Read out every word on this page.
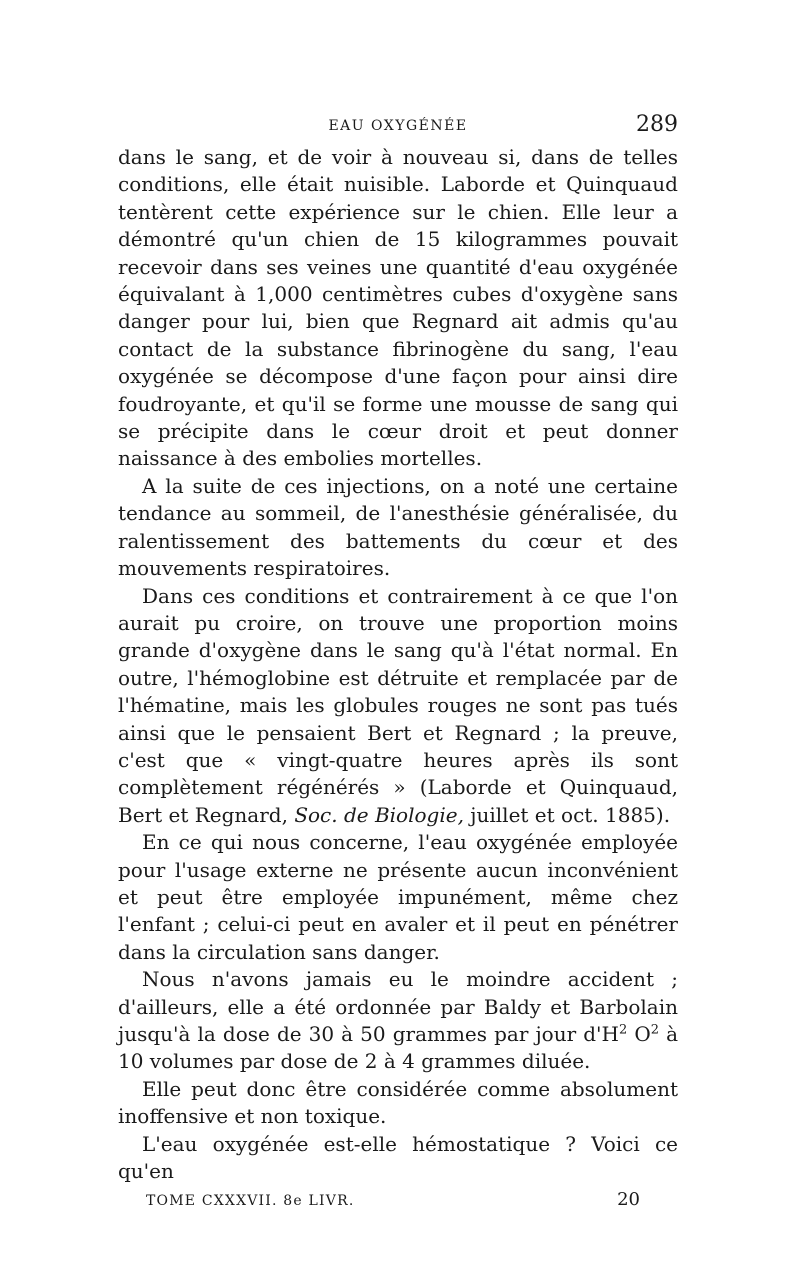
EAU OXYGÉNÉE	289

dans le sang, et de voir à nouveau si, dans de telles conditions, elle était nuisible. Laborde et Quinquaud tentèrent cette expérience sur le chien. Elle leur a démontré qu'un chien de 15 kilogrammes pouvait recevoir dans ses veines une quantité d'eau oxygénée équivalant à 1,000 centimètres cubes d'oxygène sans danger pour lui, bien que Regnard ait admis qu'au contact de la substance fibrinogène du sang, l'eau oxygénée se décompose d'une façon pour ainsi dire foudroyante, et qu'il se forme une mousse de sang qui se précipite dans le cœur droit et peut donner naissance à des embolies mortelles.

A la suite de ces injections, on a noté une certaine tendance au sommeil, de l'anesthésie généralisée, du ralentissement des battements du cœur et des mouvements respiratoires.

Dans ces conditions et contrairement à ce que l'on aurait pu croire, on trouve une proportion moins grande d'oxygène dans le sang qu'à l'état normal. En outre, l'hémoglobine est détruite et remplacée par de l'hématine, mais les globules rouges ne sont pas tués ainsi que le pensaient Bert et Regnard ; la preuve, c'est que « vingt-quatre heures après ils sont complètement régénérés » (Laborde et Quinquaud, Bert et Regnard, Soc. de Biologie, juillet et oct. 1885).

En ce qui nous concerne, l'eau oxygénée employée pour l'usage externe ne présente aucun inconvénient et peut être employée impunément, même chez l'enfant ; celui-ci peut en avaler et il peut en pénétrer dans la circulation sans danger.

Nous n'avons jamais eu le moindre accident ; d'ailleurs, elle a été ordonnée par Baldy et Barbolain jusqu'à la dose de 30 à 50 grammes par jour $d'H^2$ $O^2$ à 10 volumes par dose de 2 à 4 grammes diluée.

Elle peut donc être considérée comme absolument inoffensive et non toxique.

L'eau oxygénée est-elle hémostatique ? Voici ce qu'en

TOME CXXXVII. 8e LIVR.	20
